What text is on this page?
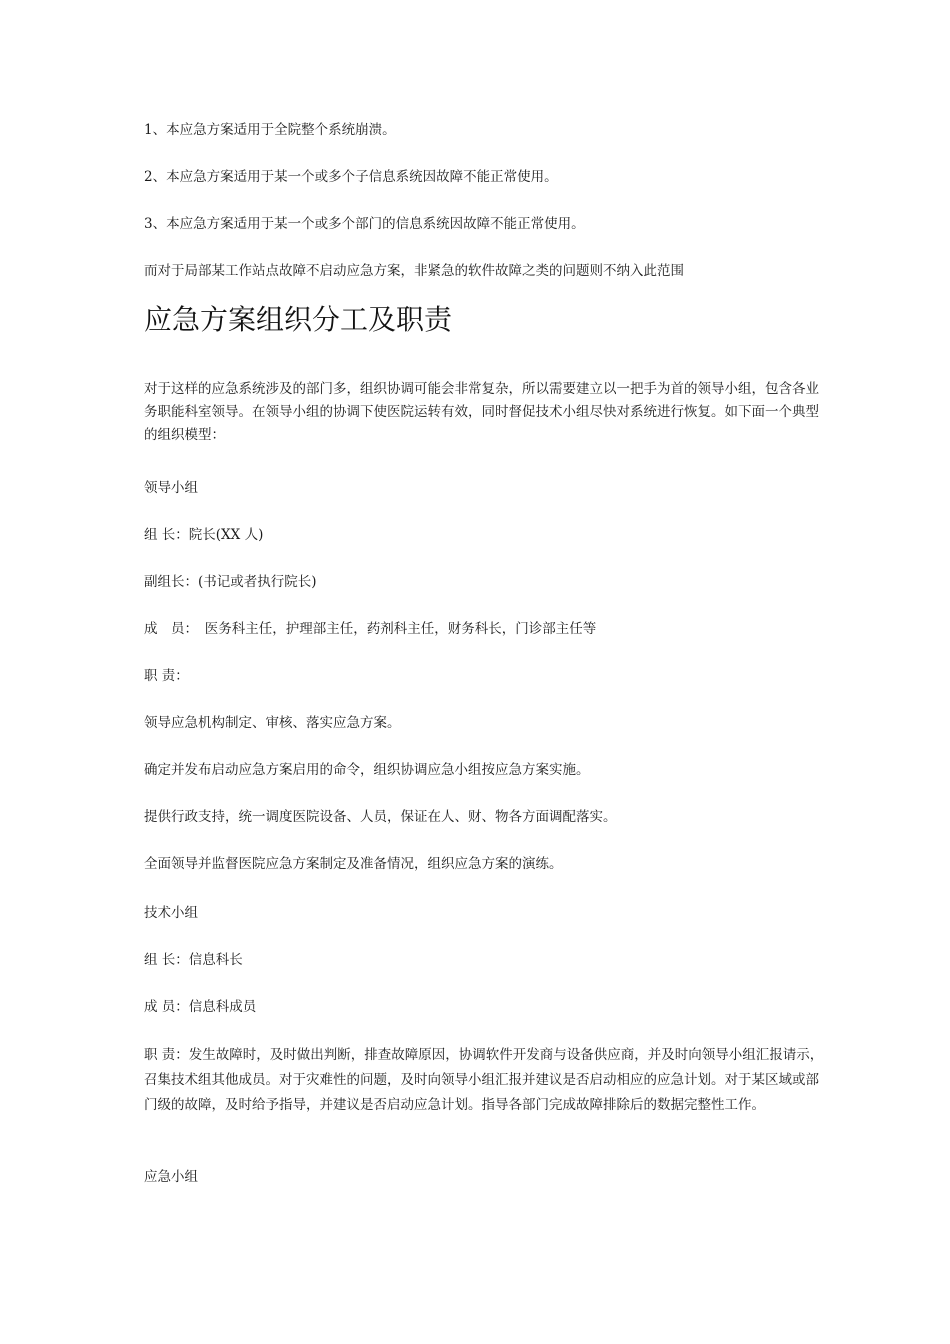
1、本应急方案适用于全院整个系统崩溃。
2、本应急方案适用于某一个或多个子信息系统因故障不能正常使用。
3、本应急方案适用于某一个或多个部门的信息系统因故障不能正常使用。
而对于局部某工作站点故障不启动应急方案，非紧急的软件故障之类的问题则不纳入此范围
应急方案组织分工及职责
对于这样的应急系统涉及的部门多，组织协调可能会非常复杂，所以需要建立以一把手为首的领导小组，包含各业务职能科室领导。在领导小组的协调下使医院运转有效，同时督促技术小组尽快对系统进行恢复。如下面一个典型的组织模型：
领导小组
组 长：院长(XX 人)
副组长：(书记或者执行院长)
成　员：　医务科主任，护理部主任，药剂科主任，财务科长，门诊部主任等
职 责：
领导应急机构制定、审核、落实应急方案。
确定并发布启动应急方案启用的命令，组织协调应急小组按应急方案实施。
提供行政支持，统一调度医院设备、人员，保证在人、财、物各方面调配落实。
全面领导并监督医院应急方案制定及准备情况，组织应急方案的演练。
技术小组
组 长：信息科长
成 员：信息科成员
职 责：发生故障时，及时做出判断，排查故障原因，协调软件开发商与设备供应商，并及时向领导小组汇报请示，召集技术组其他成员。对于灾难性的问题，及时向领导小组汇报并建议是否启动相应的应急计划。对于某区域或部门级的故障，及时给予指导，并建议是否启动应急计划。指导各部门完成故障排除后的数据完整性工作。
应急小组
